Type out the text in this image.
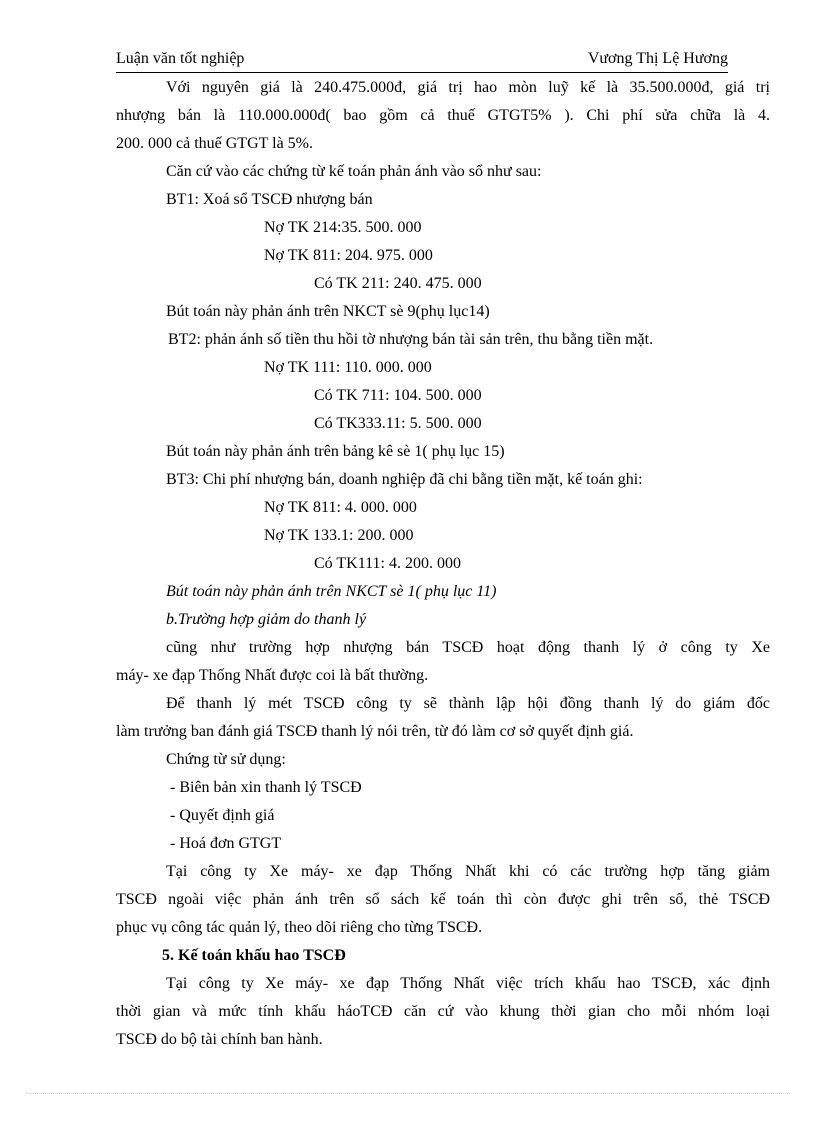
Luận văn tốt nghiệp	Vương Thị Lệ Hương
Với nguyên giá là 240.475.000đ, giá trị hao mòn luỹ kế là 35.500.000đ, giá trị
nhượng bán là 110.000.000đ( bao gồm cả thuế GTGT5% ). Chi phí sửa chữa là 4.
200. 000 cả thuế GTGT là 5%.
Căn cứ vào các chứng từ kế toán phản ánh vào sổ như sau:
BT1: Xoá sổ TSCĐ nhượng bán
Nợ TK 214:35. 500. 000
Nợ TK 811: 204. 975. 000
Có TK 211: 240. 475. 000
Bút toán này phản ánh trên NKCT sè 9(phụ lục14)
BT2: phản ánh số tiền thu hồi tờ nhượng bán tài sản trên, thu bằng tiền mặt.
Nợ TK 111: 110. 000. 000
Có TK 711: 104. 500. 000
Có TK333.11: 5. 500. 000
Bút toán này phản ánh trên bảng kê sè 1( phụ lục 15)
BT3: Chi phí nhượng bán, doanh nghiệp đã chi bằng tiền mặt, kế toán ghi:
Nợ TK 811: 4. 000. 000
Nợ TK 133.1: 200. 000
Có TK111: 4. 200. 000
Bút toán này phản ánh trên NKCT sè 1( phụ lục 11)
b.Trường hợp giảm do thanh lý
cũng như trường hợp nhượng bán TSCĐ hoạt động thanh lý ở công ty Xe
máy- xe đạp Thống Nhất được coi là bất thường.
Để thanh lý mét TSCĐ công ty sẽ thành lập hội đồng thanh lý do giám đốc
làm trưởng ban đánh giá TSCĐ thanh lý nói trên, từ đó làm cơ sở quyết định giá.
Chứng từ sử dụng:
- Biên bản xin thanh lý TSCĐ
- Quyết định giá
- Hoá đơn GTGT
Tại công ty Xe máy- xe đạp Thống Nhất khi có các trường hợp tăng giảm
TSCĐ ngoài việc phản ánh trên sổ sách kế toán thì còn được ghi trên sổ, thẻ TSCĐ
phục vụ công tác quản lý, theo dõi riêng cho từng TSCĐ.
5. Kế toán khấu hao TSCĐ
Tại công ty Xe máy- xe đạp Thống Nhất việc trích khấu hao TSCĐ, xác định
thời gian và mức tính khấu háoTCĐ căn cứ vào khung thời gian cho mỗi nhóm loại
TSCĐ do bộ tài chính ban hành.
